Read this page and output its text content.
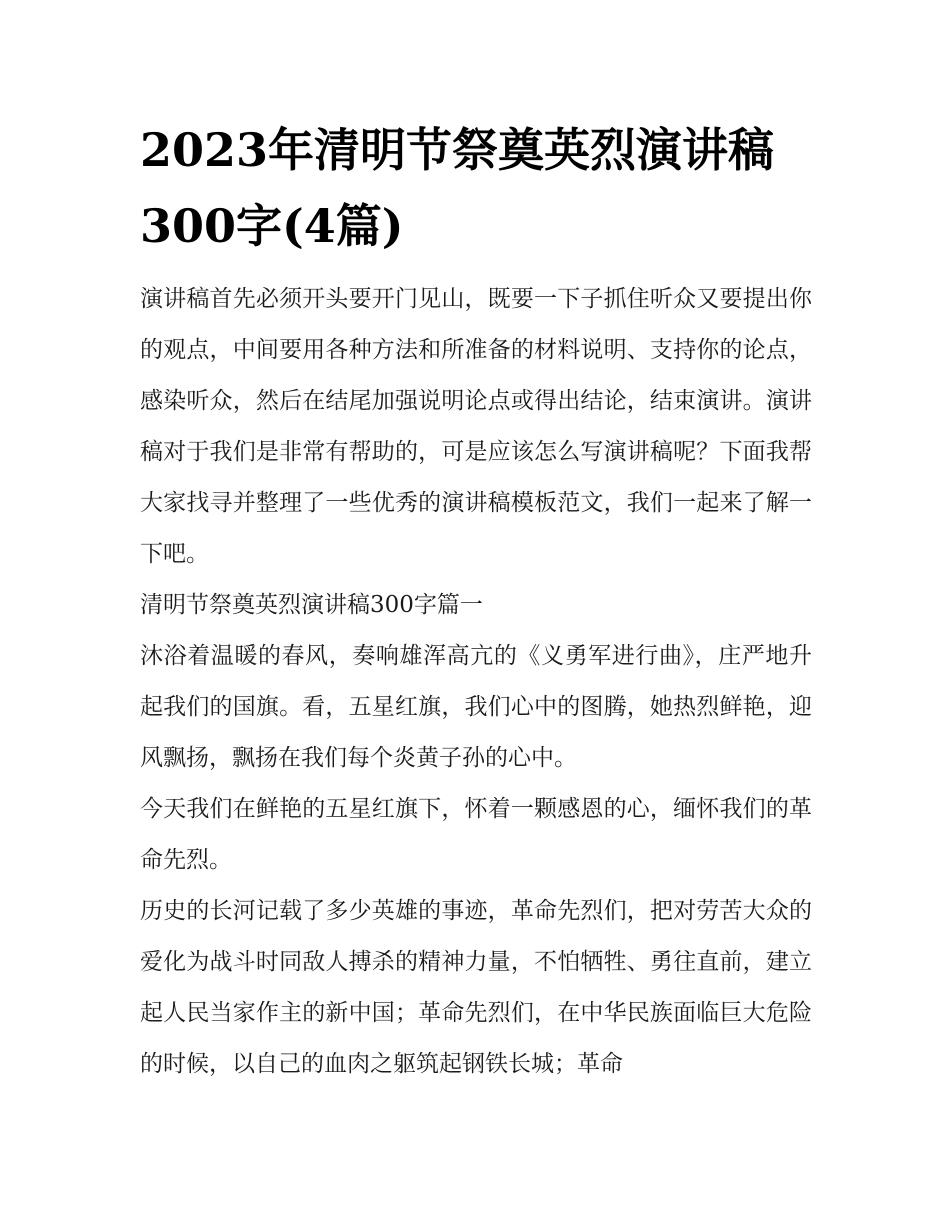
2023年清明节祭奠英烈演讲稿300字(4篇)

演讲稿首先必须开头要开门见山，既要一下子抓住听众又要提出你的观点，中间要用各种方法和所准备的材料说明、支持你的论点，感染听众，然后在结尾加强说明论点或得出结论，结束演讲。演讲稿对于我们是非常有帮助的，可是应该怎么写演讲稿呢？下面我帮大家找寻并整理了一些优秀的演讲稿模板范文，我们一起来了解一下吧。

清明节祭奠英烈演讲稿300字篇一

沐浴着温暖的春风，奏响雄浑高亢的《义勇军进行曲》，庄严地升起我们的国旗。看，五星红旗，我们心中的图腾，她热烈鲜艳，迎风飘扬，飘扬在我们每个炎黄子孙的心中。

今天我们在鲜艳的五星红旗下，怀着一颗感恩的心，缅怀我们的革命先烈。

历史的长河记载了多少英雄的事迹，革命先烈们，把对劳苦大众的爱化为战斗时同敌人搏杀的精神力量，不怕牺牲、勇往直前，建立起人民当家作主的新中国；革命先烈们，在中华民族面临巨大危险的时候，以自己的血肉之躯筑起钢铁长城；革命
